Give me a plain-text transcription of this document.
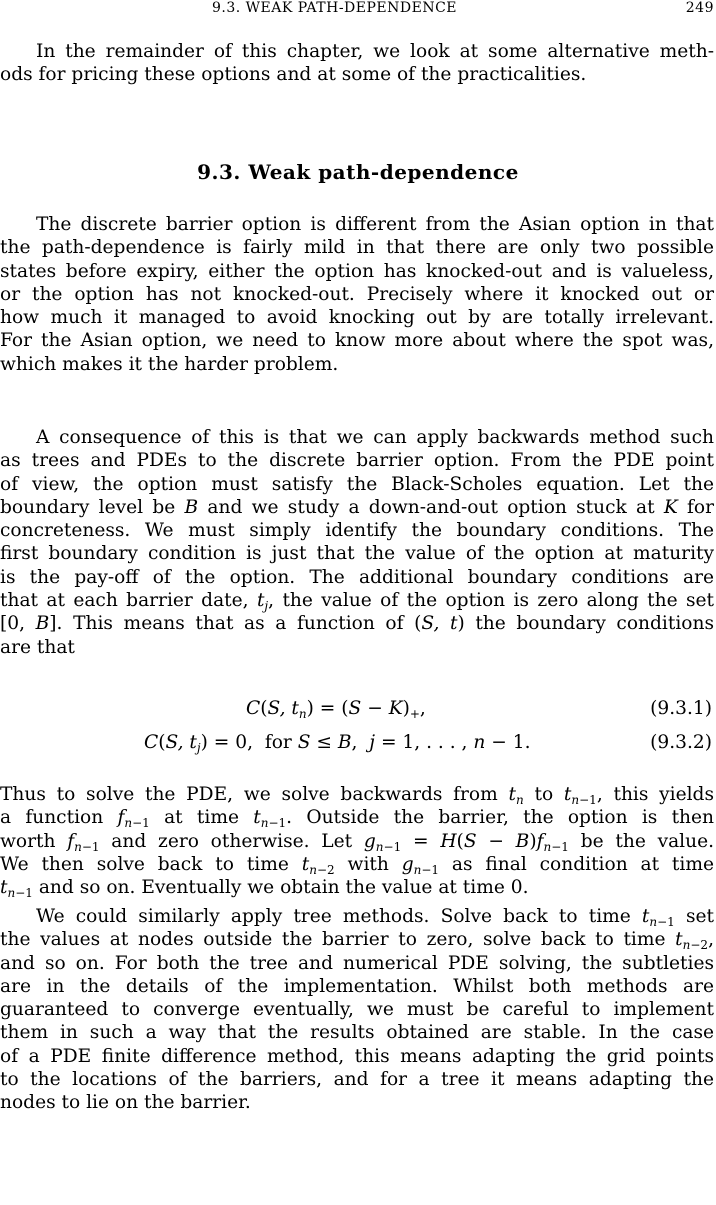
9.3. WEAK PATH-DEPENDENCE	249
In the remainder of this chapter, we look at some alternative meth-
ods for pricing these options and at some of the practicalities.
9.3. Weak path-dependence
The discrete barrier option is different from the Asian option in that
the path-dependence is fairly mild in that there are only two possible
states before expiry, either the option has knocked-out and is valueless,
or the option has not knocked-out. Precisely where it knocked out or
how much it managed to avoid knocking out by are totally irrelevant.
For the Asian option, we need to know more about where the spot was,
which makes it the harder problem.
A consequence of this is that we can apply backwards method such
as trees and PDEs to the discrete barrier option. From the PDE point
of view, the option must satisfy the Black-Scholes equation. Let the
boundary level be B and we study a down-and-out option stuck at K for
concreteness. We must simply identify the boundary conditions. The
first boundary condition is just that the value of the option at maturity
is the pay-off of the option. The additional boundary conditions are
that at each barrier date, $t_j$, the value of the option is zero along the set
[0, B]. This means that as a function of (S, t) the boundary conditions
are that
C(S, $t_n) = (S - K)_+$,	(9.3.1)
C(S, $t_j) = 0$,  for S ≤ B,  j = 1, . . . , n − 1.	(9.3.2)
Thus to solve the PDE, we solve backwards from $t_n$ to $t_{n-1}$, this yields
a function $f_{n-1}$ at time $t_{n-1}$. Outside the barrier, the option is then
worth $f_{n-1}$ and zero otherwise. Let $g_{n-1} = H(S - B)f_{n-1}$ be the value.
We then solve back to time $t_{n-2}$ with $g_{n-1}$ as final condition at time
$t_{n-1}$ and so on. Eventually we obtain the value at time 0.
We could similarly apply tree methods. Solve back to time $t_{n-1}$ set
the values at nodes outside the barrier to zero, solve back to time $t_{n-2}$,
and so on. For both the tree and numerical PDE solving, the subtleties
are in the details of the implementation. Whilst both methods are
guaranteed to converge eventually, we must be careful to implement
them in such a way that the results obtained are stable. In the case
of a PDE finite difference method, this means adapting the grid points
to the locations of the barriers, and for a tree it means adapting the
nodes to lie on the barrier.
